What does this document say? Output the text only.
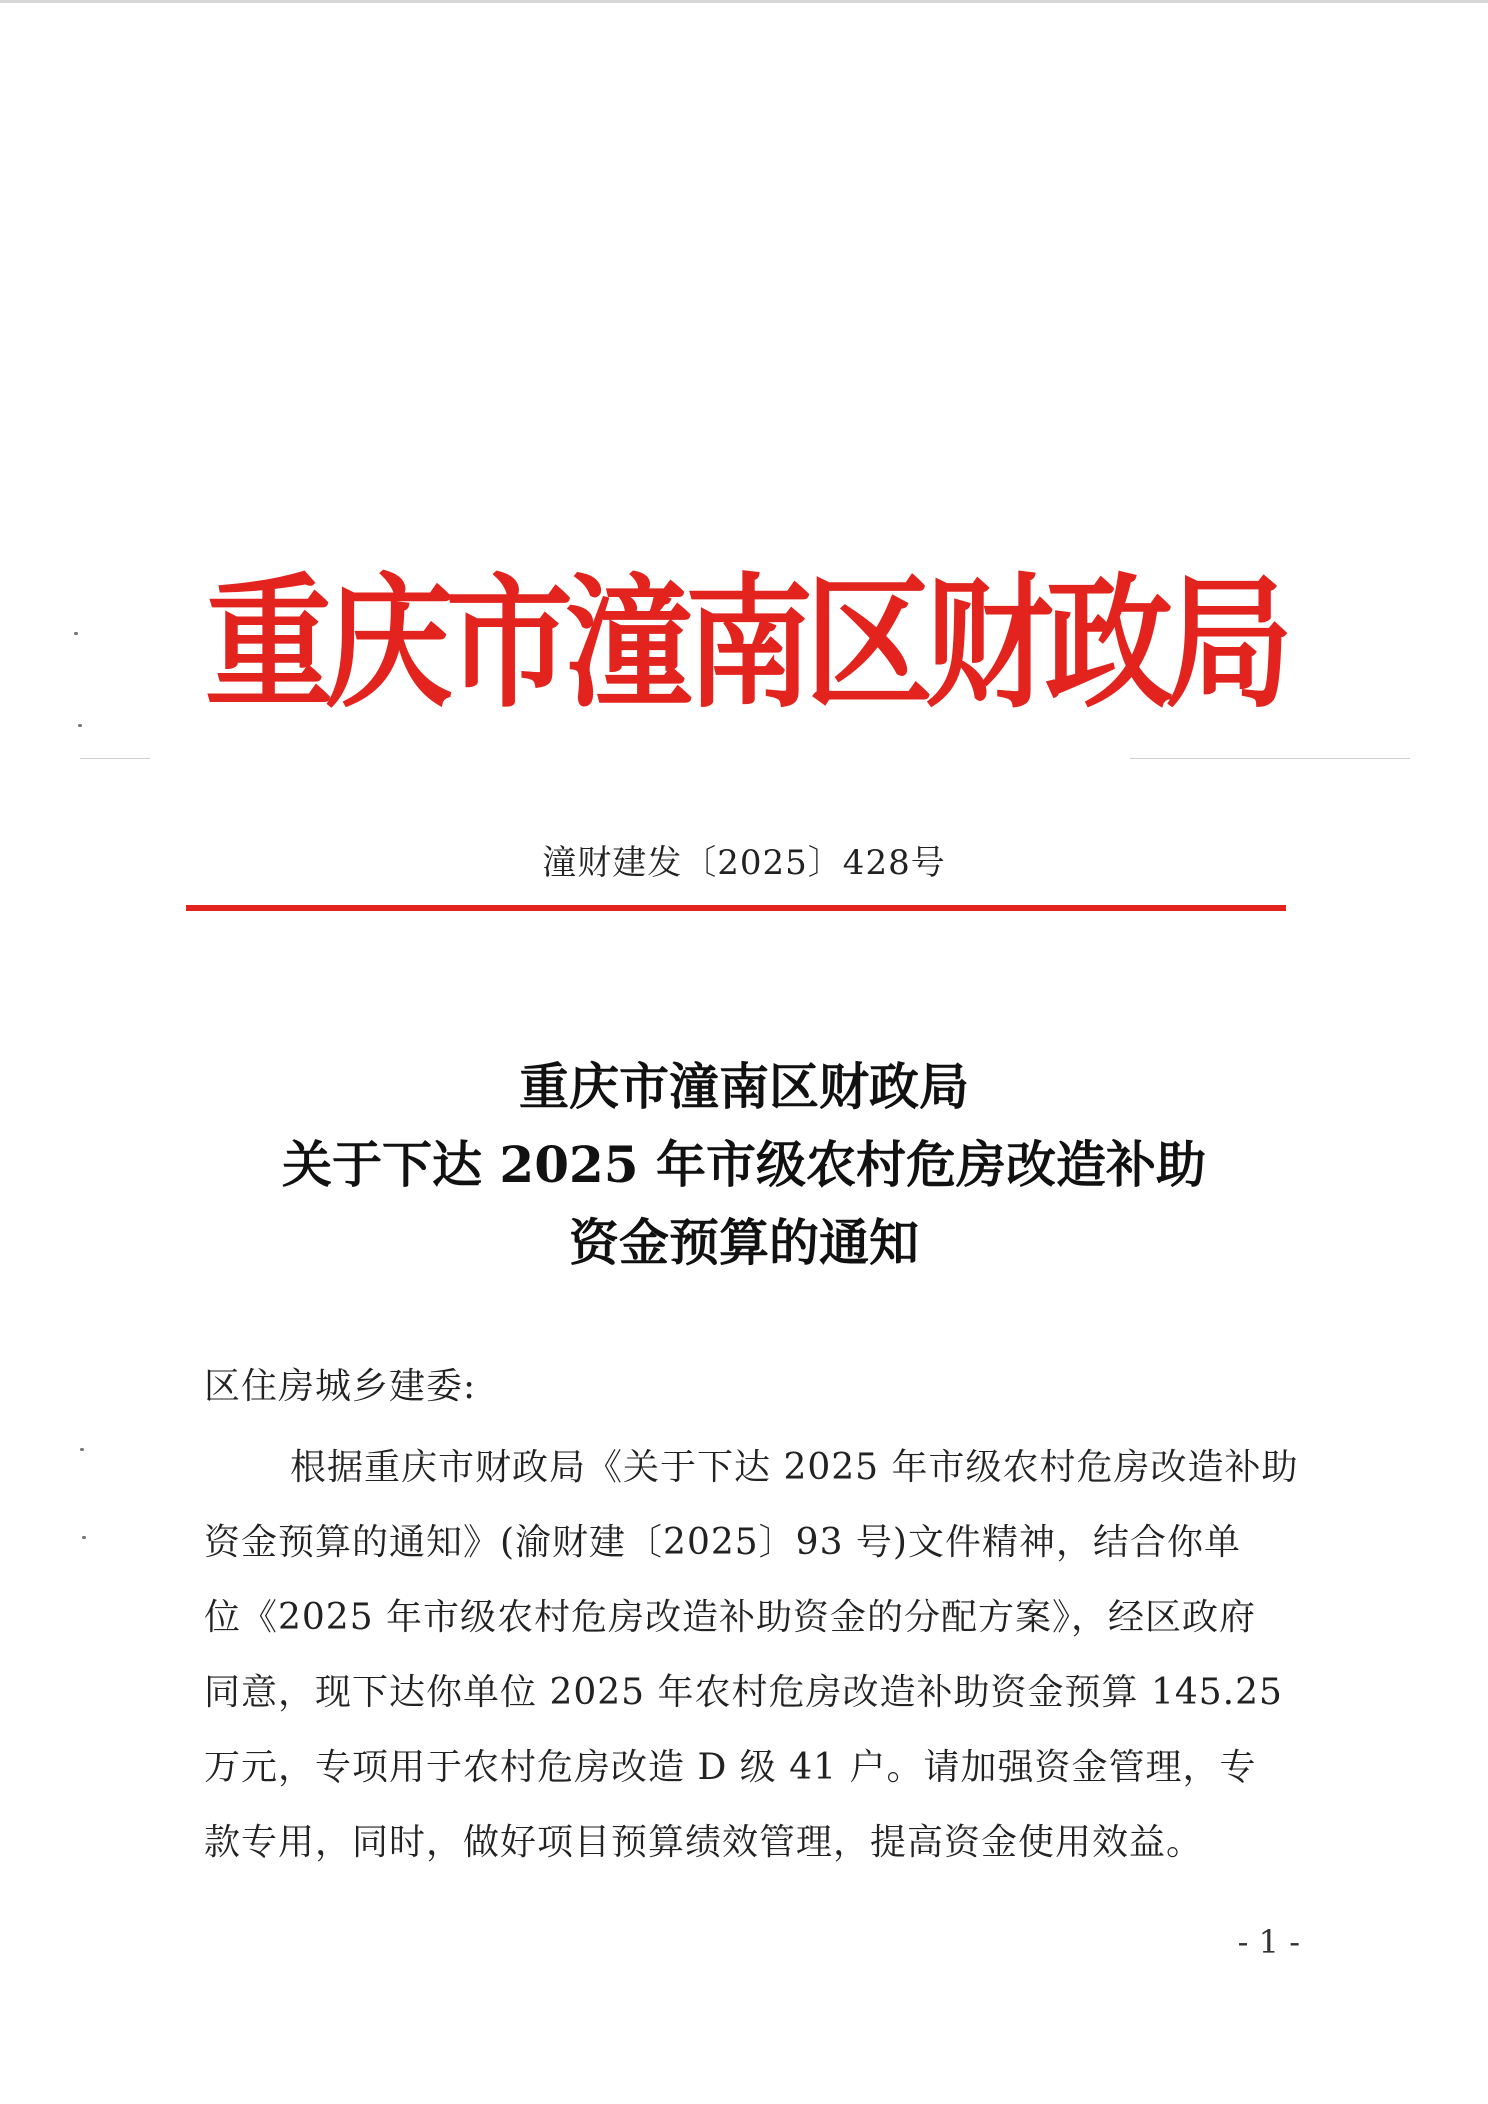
重庆市潼南区财政局
潼财建发〔2025〕428号
重庆市潼南区财政局
关于下达 2025 年市级农村危房改造补助
资金预算的通知
区住房城乡建委:
根据重庆市财政局《关于下达 2025 年市级农村危房改造补助
资金预算的通知》(渝财建〔2025〕93 号)文件精神，结合你单
位《2025 年市级农村危房改造补助资金的分配方案》，经区政府
同意，现下达你单位 2025 年农村危房改造补助资金预算 145.25
万元，专项用于农村危房改造 D 级 41 户。请加强资金管理，专
款专用，同时，做好项目预算绩效管理，提高资金使用效益。
- 1 -
